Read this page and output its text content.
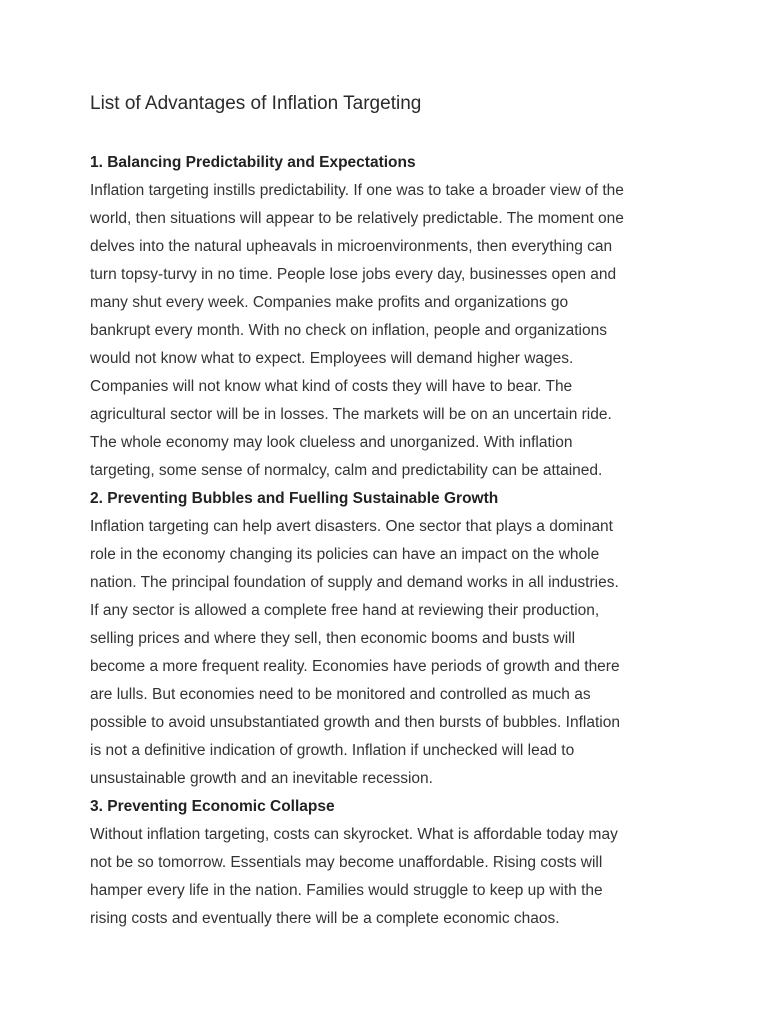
List of Advantages of Inflation Targeting
1. Balancing Predictability and Expectations

Inflation targeting instills predictability. If one was to take a broader view of the
world, then situations will appear to be relatively predictable. The moment one
delves into the natural upheavals in microenvironments, then everything can
turn topsy-turvy in no time. People lose jobs every day, businesses open and
many shut every week. Companies make profits and organizations go
bankrupt every month. With no check on inflation, people and organizations
would not know what to expect. Employees will demand higher wages.
Companies will not know what kind of costs they will have to bear. The
agricultural sector will be in losses. The markets will be on an uncertain ride.
The whole economy may look clueless and unorganized. With inflation
targeting, some sense of normalcy, calm and predictability can be attained.

2. Preventing Bubbles and Fuelling Sustainable Growth

Inflation targeting can help avert disasters. One sector that plays a dominant
role in the economy changing its policies can have an impact on the whole
nation. The principal foundation of supply and demand works in all industries.
If any sector is allowed a complete free hand at reviewing their production,
selling prices and where they sell, then economic booms and busts will
become a more frequent reality. Economies have periods of growth and there
are lulls. But economies need to be monitored and controlled as much as
possible to avoid unsubstantiated growth and then bursts of bubbles. Inflation
is not a definitive indication of growth. Inflation if unchecked will lead to
unsustainable growth and an inevitable recession.

3. Preventing Economic Collapse

Without inflation targeting, costs can skyrocket. What is affordable today may
not be so tomorrow. Essentials may become unaffordable. Rising costs will
hamper every life in the nation. Families would struggle to keep up with the
rising costs and eventually there will be a complete economic chaos.
